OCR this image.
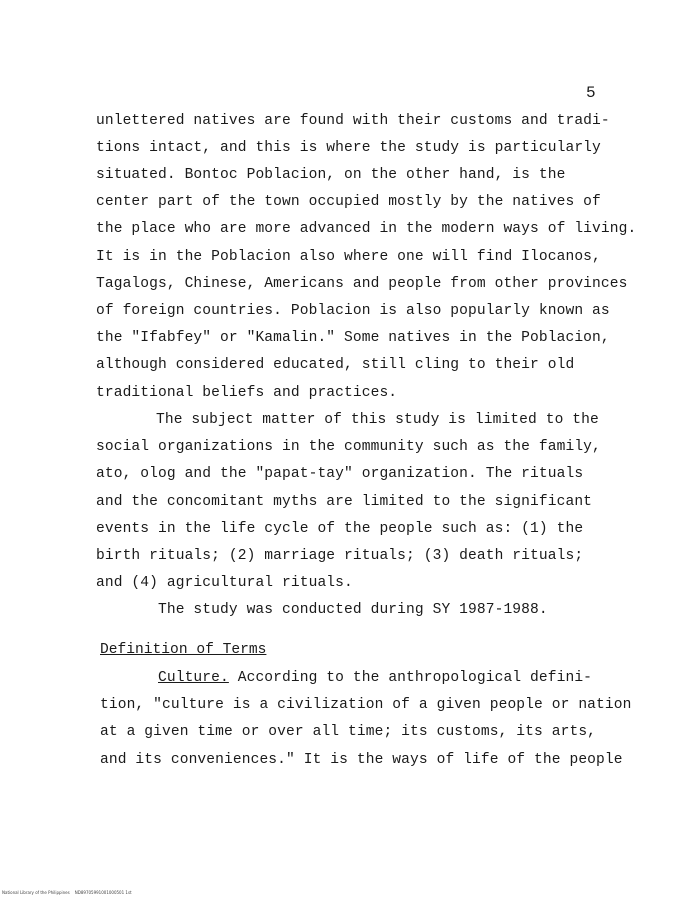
5
unlettered natives are found with their customs and tradi-
tions intact, and this is where the study is particularly
situated. Bontoc Poblacion, on the other hand, is the
center part of the town occupied mostly by the natives of
the place who are more advanced in the modern ways of living.
It is in the Poblacion also where one will find Ilocanos,
Tagalogs, Chinese, Americans and people from other provinces
of foreign countries. Poblacion is also popularly known as
the "Ifabfey" or "Kamalin." Some natives in the Poblacion,
although considered educated, still cling to their old
traditional beliefs and practices.
The subject matter of this study is limited to the
social organizations in the community such as the family,
ato, olog and the "papat-tay" organization. The rituals
and the concomitant myths are limited to the significant
events in the life cycle of the people such as: (1) the
birth rituals; (2) marriage rituals; (3) death rituals;
and (4) agricultural rituals.
The study was conducted during SY 1987-1988.
Definition of Terms
Culture. According to the anthropological defini-
tion, "culture is a civilization of a given people or nation
at a given time or over all time; its customs, its arts,
and its conveniences." It is the ways of life of the people
National Library of the Philippines    ND89705991001000501 1st
